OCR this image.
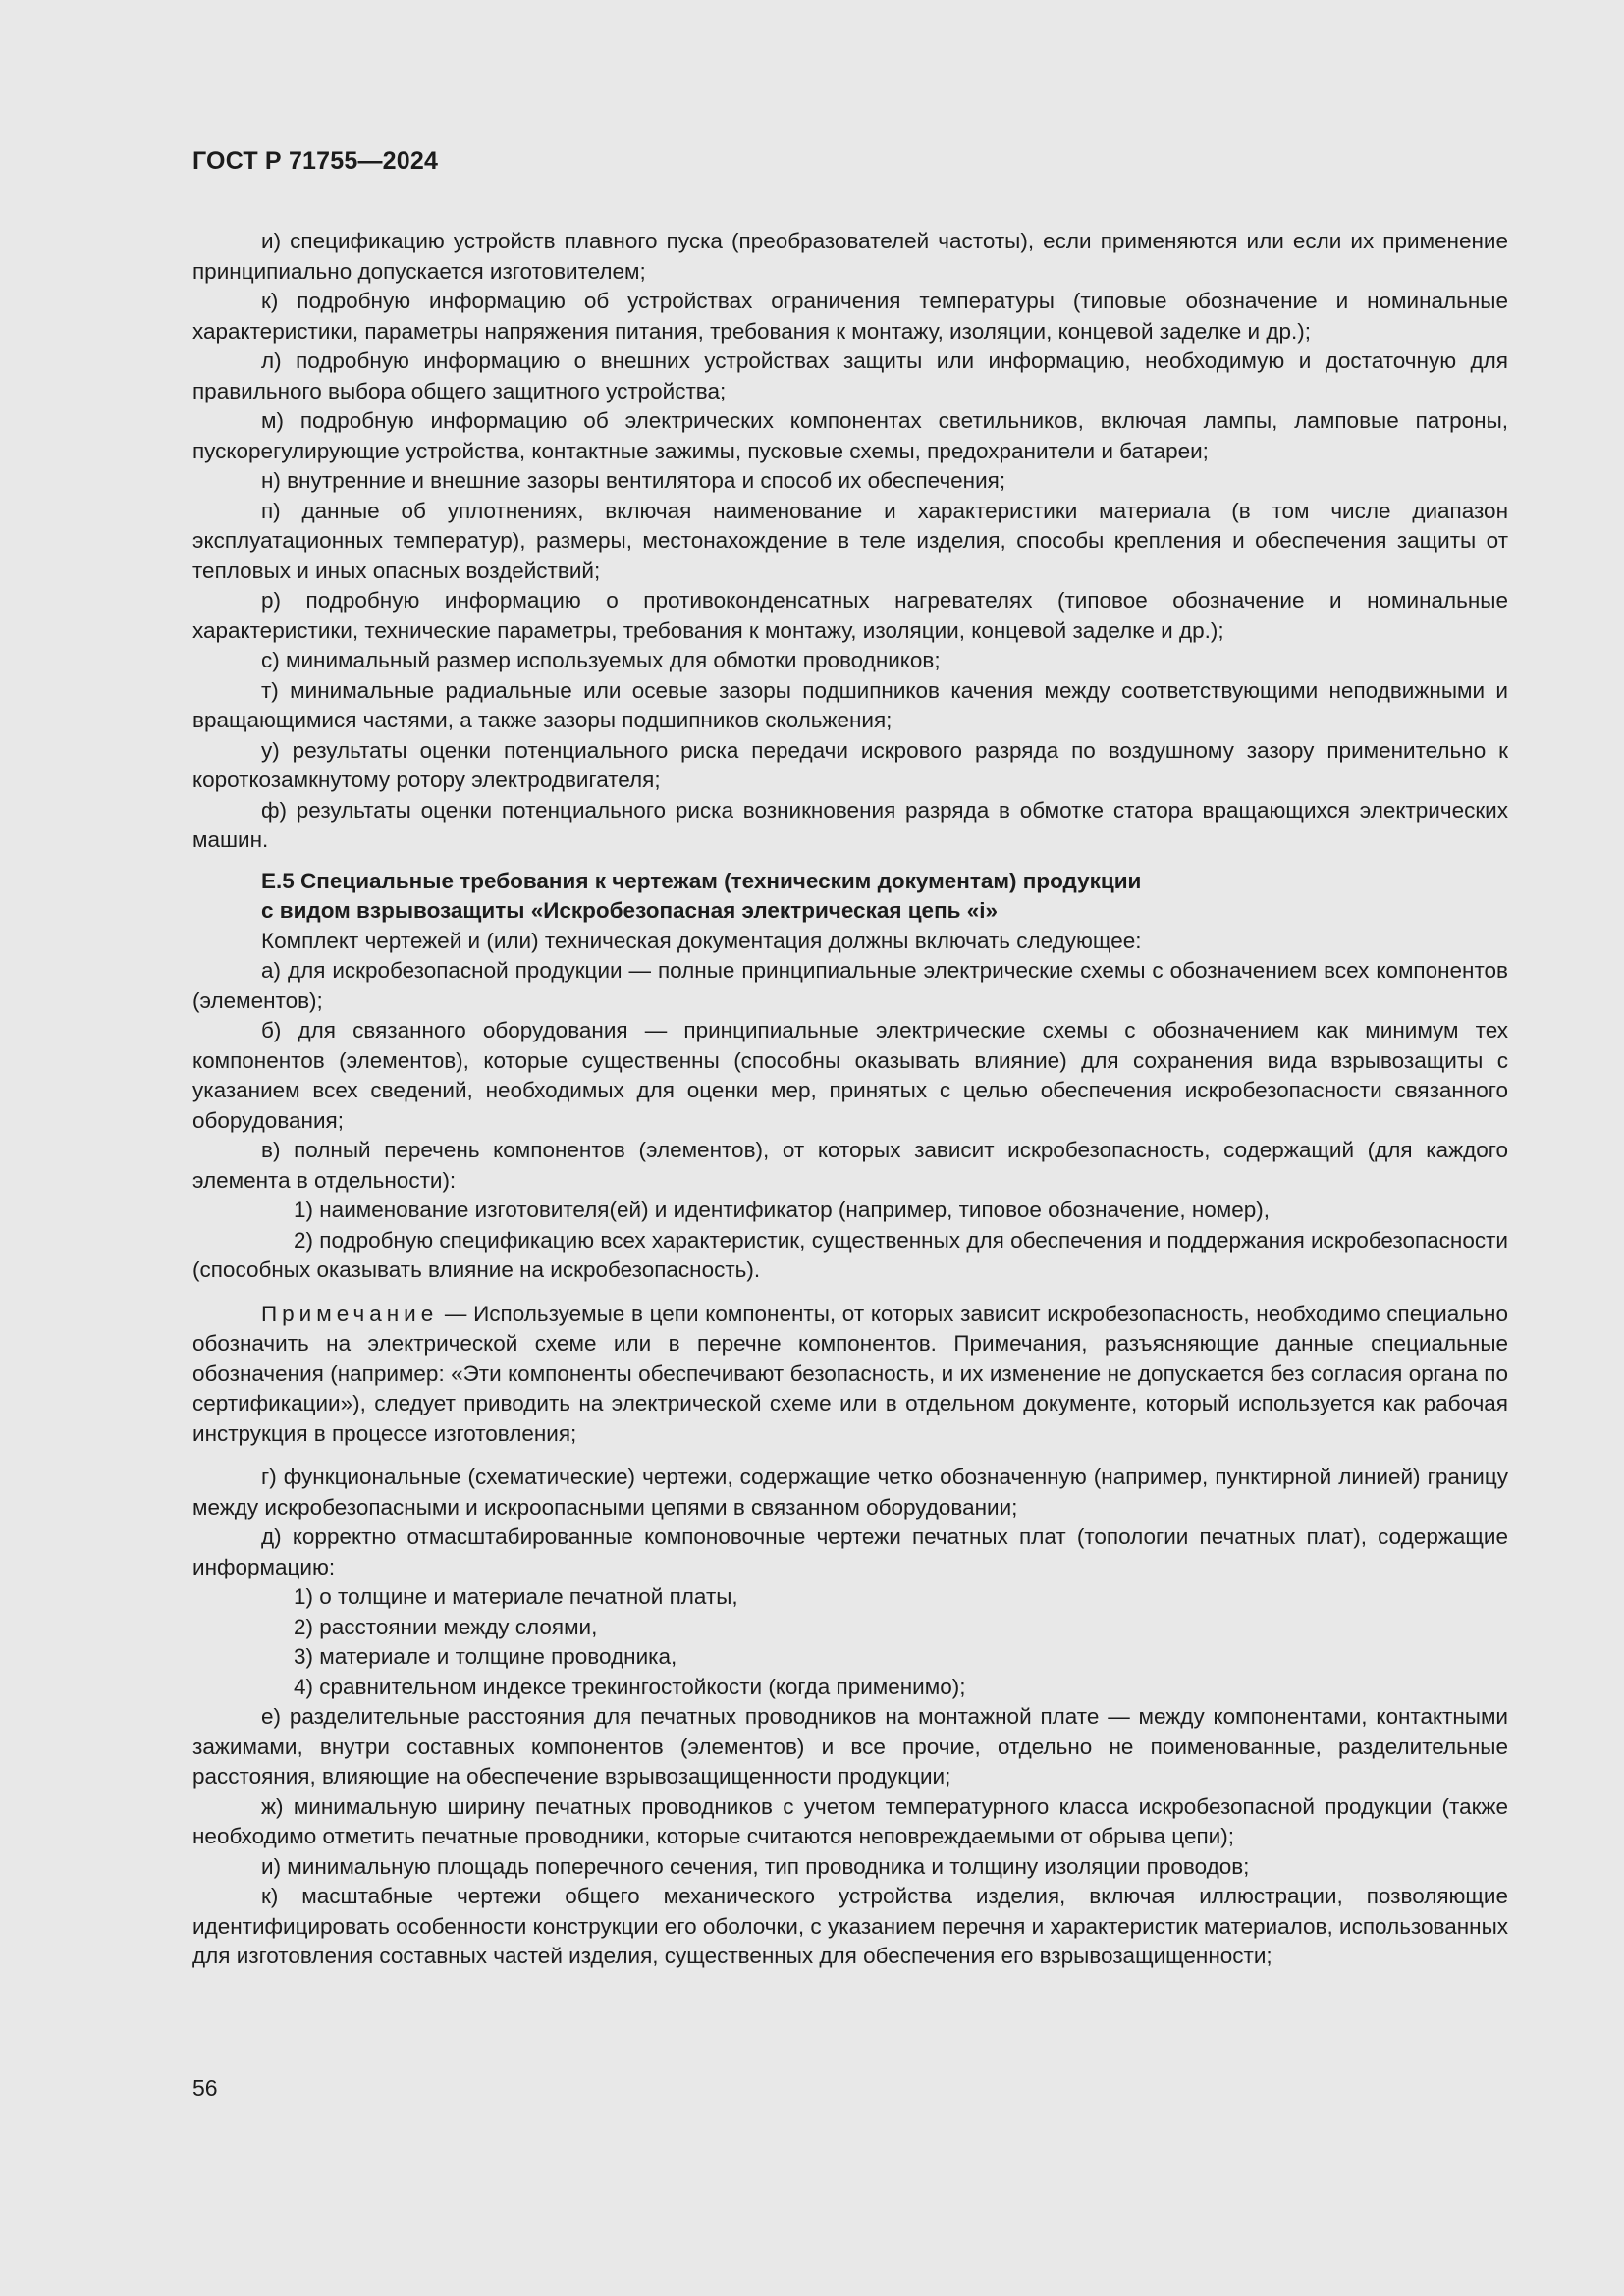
ГОСТ Р 71755—2024

и) спецификацию устройств плавного пуска (преобразователей частоты), если применяются или если их применение принципиально допускается изготовителем;

к) подробную информацию об устройствах ограничения температуры (типовые обозначение и номинальные характеристики, параметры напряжения питания, требования к монтажу, изоляции, концевой заделке и др.);

л) подробную информацию о внешних устройствах защиты или информацию, необходимую и достаточную для правильного выбора общего защитного устройства;

м) подробную информацию об электрических компонентах светильников, включая лампы, ламповые патроны, пускорегулирующие устройства, контактные зажимы, пусковые схемы, предохранители и батареи;

н) внутренние и внешние зазоры вентилятора и способ их обеспечения;

п) данные об уплотнениях, включая наименование и характеристики материала (в том числе диапазон эксплуатационных температур), размеры, местонахождение в теле изделия, способы крепления и обеспечения защиты от тепловых и иных опасных воздействий;

р) подробную информацию о противоконденсатных нагревателях (типовое обозначение и номинальные характеристики, технические параметры, требования к монтажу, изоляции, концевой заделке и др.);

с) минимальный размер используемых для обмотки проводников;

т) минимальные радиальные или осевые зазоры подшипников качения между соответствующими неподвижными и вращающимися частями, а также зазоры подшипников скольжения;

у) результаты оценки потенциального риска передачи искрового разряда по воздушному зазору применительно к короткозамкнутому ротору электродвигателя;

ф) результаты оценки потенциального риска возникновения разряда в обмотке статора вращающихся электрических машин.

Е.5 Специальные требования к чертежам (техническим документам) продукции
с видом взрывозащиты «Искробезопасная электрическая цепь «i»

Комплект чертежей и (или) техническая документация должны включать следующее:

а) для искробезопасной продукции — полные принципиальные электрические схемы с обозначением всех компонентов (элементов);

б) для связанного оборудования — принципиальные электрические схемы с обозначением как минимум тех компонентов (элементов), которые существенны (способны оказывать влияние) для сохранения вида взрывозащиты с указанием всех сведений, необходимых для оценки мер, принятых с целью обеспечения искробезопасности связанного оборудования;

в) полный перечень компонентов (элементов), от которых зависит искробезопасность, содержащий (для каждого элемента в отдельности):

1) наименование изготовителя(ей) и идентификатор (например, типовое обозначение, номер),

2) подробную спецификацию всех характеристик, существенных для обеспечения и поддержания искробезопасности (способных оказывать влияние на искробезопасность).

Примечание — Используемые в цепи компоненты, от которых зависит искробезопасность, необходимо специально обозначить на электрической схеме или в перечне компонентов. Примечания, разъясняющие данные специальные обозначения (например: «Эти компоненты обеспечивают безопасность, и их изменение не допускается без согласия органа по сертификации»), следует приводить на электрической схеме или в отдельном документе, который используется как рабочая инструкция в процессе изготовления;

г) функциональные (схематические) чертежи, содержащие четко обозначенную (например, пунктирной линией) границу между искробезопасными и искроопасными цепями в связанном оборудовании;

д) корректно отмасштабированные компоновочные чертежи печатных плат (топологии печатных плат), содержащие информацию:

1) о толщине и материале печатной платы,

2) расстоянии между слоями,

3) материале и толщине проводника,

4) сравнительном индексе трекингостойкости (когда применимо);

е) разделительные расстояния для печатных проводников на монтажной плате — между компонентами, контактными зажимами, внутри составных компонентов (элементов) и все прочие, отдельно не поименованные, разделительные расстояния, влияющие на обеспечение взрывозащищенности продукции;

ж) минимальную ширину печатных проводников с учетом температурного класса искробезопасной продукции (также необходимо отметить печатные проводники, которые считаются неповреждаемыми от обрыва цепи);

и) минимальную площадь поперечного сечения, тип проводника и толщину изоляции проводов;

к) масштабные чертежи общего механического устройства изделия, включая иллюстрации, позволяющие идентифицировать особенности конструкции его оболочки, с указанием перечня и характеристик материалов, использованных для изготовления составных частей изделия, существенных для обеспечения его взрывозащищенности;

56
